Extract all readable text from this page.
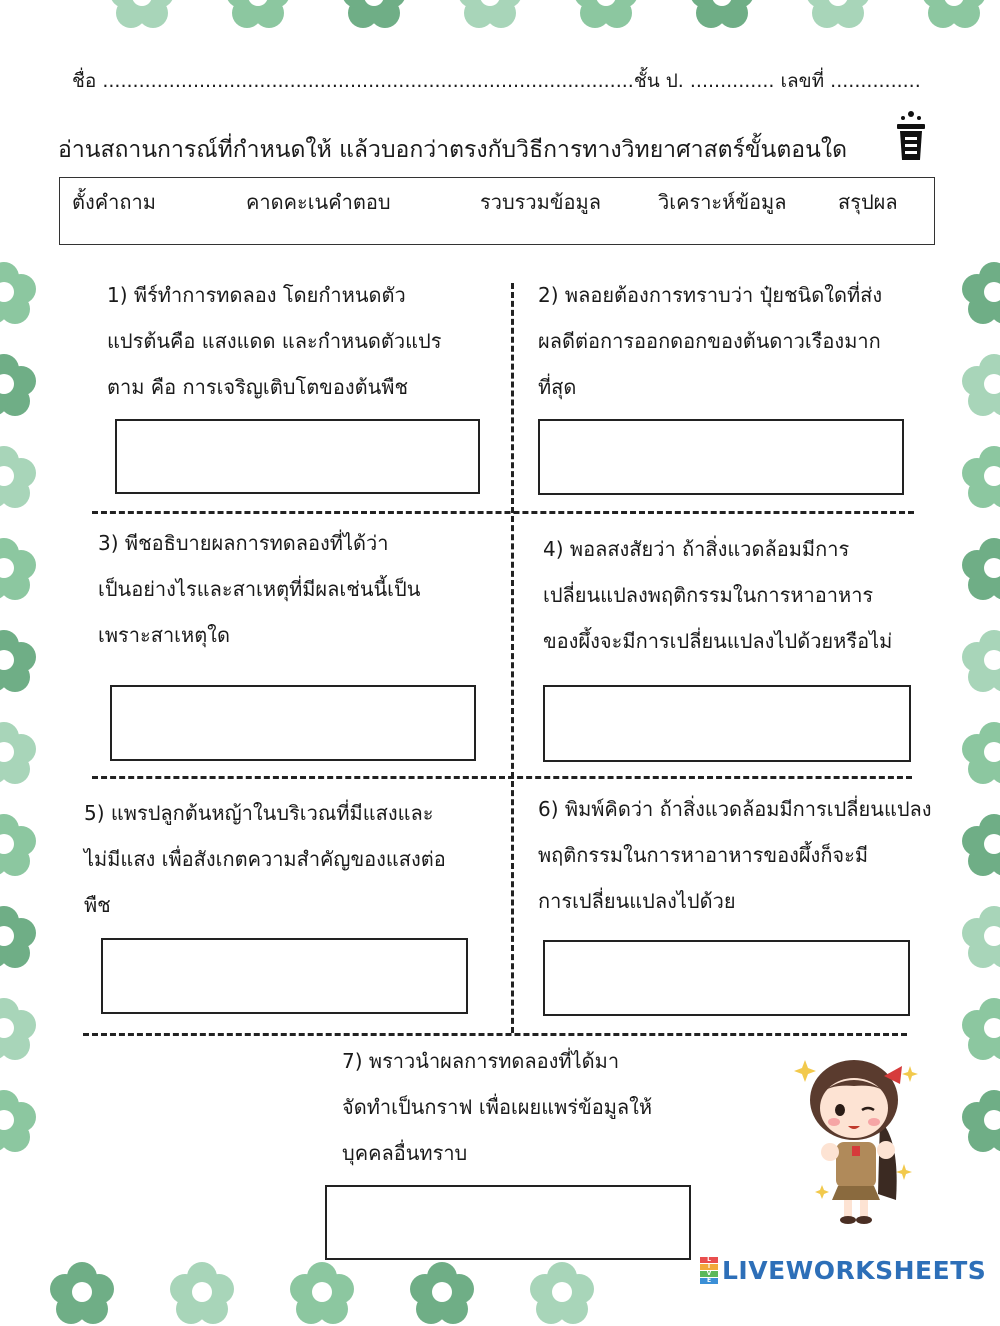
ชื่อ ........................................................................................ชั้น ป. .............. เลขที่ ...............
อ่านสถานการณ์ที่กำหนดให้ แล้วบอกว่าตรงกับวิธีการทางวิทยาศาสตร์ขั้นตอนใด
ตั้งคำถาม	คาดคะเนคำตอบ	รวบรวมข้อมูล	วิเคราะห์ข้อมูล	สรุปผล
1) พีร์ทำการทดลอง โดยกำหนดตัว
แปรต้นคือ แสงแดด และกำหนดตัวแปร
ตาม คือ การเจริญเติบโตของต้นพืช
2) พลอยต้องการทราบว่า ปุ๋ยชนิดใดที่ส่ง
ผลดีต่อการออกดอกของต้นดาวเรืองมาก
ที่สุด
3) พีชอธิบายผลการทดลองที่ได้ว่า
เป็นอย่างไรและสาเหตุที่มีผลเช่นนี้เป็น
เพราะสาเหตุใด
4) พอลสงสัยว่า ถ้าสิ่งแวดล้อมมีการ
เปลี่ยนแปลงพฤติกรรมในการหาอาหาร
ของผึ้งจะมีการเปลี่ยนแปลงไปด้วยหรือไม่
5) แพรปลูกต้นหญ้าในบริเวณที่มีแสงและ
ไม่มีแสง เพื่อสังเกตความสำคัญของแสงต่อ
พืช
6) พิมพ์คิดว่า ถ้าสิ่งแวดล้อมมีการเปลี่ยนแปลง
พฤติกรรมในการหาอาหารของผึ้งก็จะมี
การเปลี่ยนแปลงไปด้วย
7) พราวนำผลการทดลองที่ได้มา
จัดทำเป็นกราฟ เพื่อเผยแพร่ข้อมูลให้
บุคคลอื่นทราบ
L
I
V
E LIVEWORKSHEETS
